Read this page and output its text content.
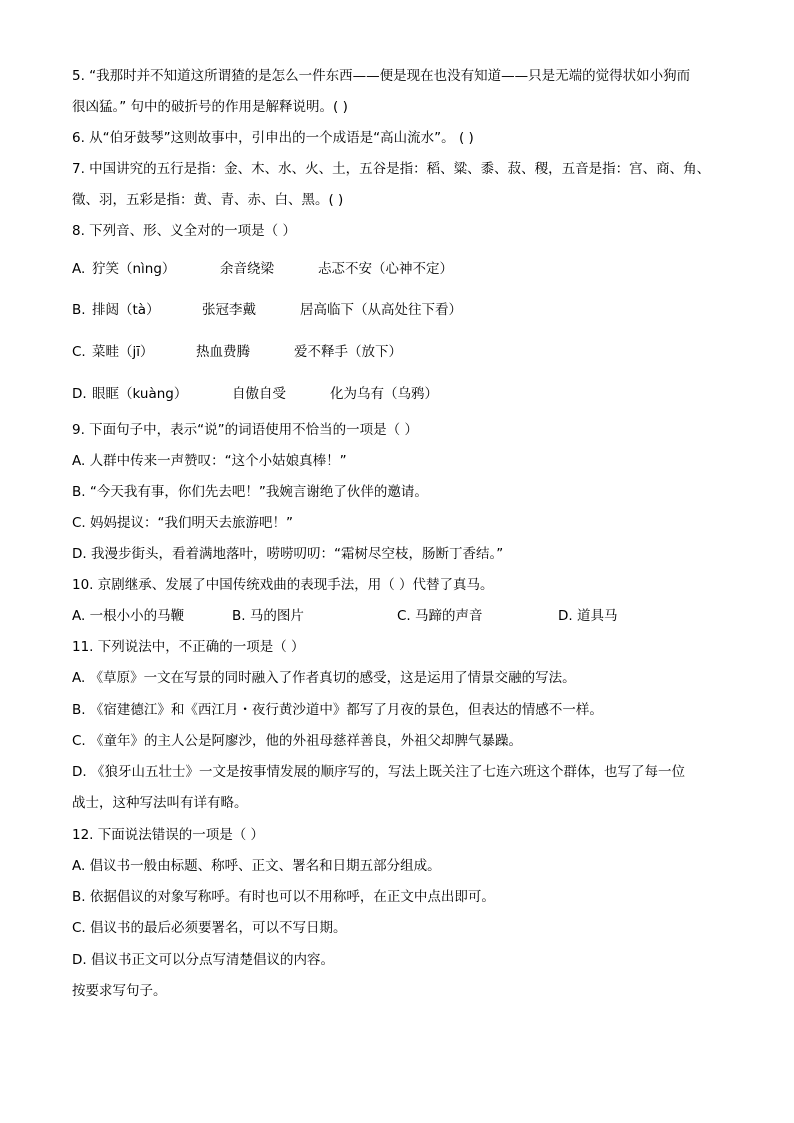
5. “我那时并不知道这所谓猹的是怎么一件东西——便是现在也没有知道——只是无端的觉得状如小狗而
很凶猛。” 句中的破折号的作用是解释说明。( )
6. 从“伯牙鼓琴”这则故事中，引申出的一个成语是“高山流水”。 ( )
7. 中国讲究的五行是指：金、木、水、火、土，五谷是指：稻、粱、黍、菽、稷，五音是指：宫、商、角、
徵、羽，五彩是指：黄、青、赤、白、黑。( )
8. 下列音、形、义全对的一项是（ ）
A. 狞笑（nìng）	余音绕梁	忐忑不安（心神不定）
B. 排闼（tà）	张冠李戴	居高临下（从高处往下看）
C. 菜畦（jī）	热血费腾	爱不释手（放下）
D. 眼眶（kuàng）	自傲自受	化为乌有（乌鸦）
9. 下面句子中，表示“说”的词语使用不恰当的一项是（ ）
A. 人群中传来一声赞叹：“这个小姑娘真棒！”
B. “今天我有事，你们先去吧！”我婉言谢绝了伙伴的邀请。
C. 妈妈提议：“我们明天去旅游吧！”
D. 我漫步街头，看着满地落叶，唠唠叨叨：“霜树尽空枝，肠断丁香结。”
10. 京剧继承、发展了中国传统戏曲的表现手法，用（ ）代替了真马。
A. 一根小小的马鞭	B. 马的图片	C. 马蹄的声音	D. 道具马
11. 下列说法中，不正确的一项是（ ）
A. 《草原》一文在写景的同时融入了作者真切的感受，这是运用了情景交融的写法。
B. 《宿建德江》和《西江月・夜行黄沙道中》都写了月夜的景色，但表达的情感不一样。
C. 《童年》的主人公是阿廖沙，他的外祖母慈祥善良，外祖父却脾气暴躁。
D. 《狼牙山五壮士》一文是按事情发展的顺序写的，写法上既关注了七连六班这个群体，也写了每一位
战士，这种写法叫有详有略。
12. 下面说法错误的一项是（ ）
A. 倡议书一般由标题、称呼、正文、署名和日期五部分组成。
B. 依据倡议的对象写称呼。有时也可以不用称呼，在正文中点出即可。
C. 倡议书的最后必须要署名，可以不写日期。
D. 倡议书正文可以分点写清楚倡议的内容。
按要求写句子。
